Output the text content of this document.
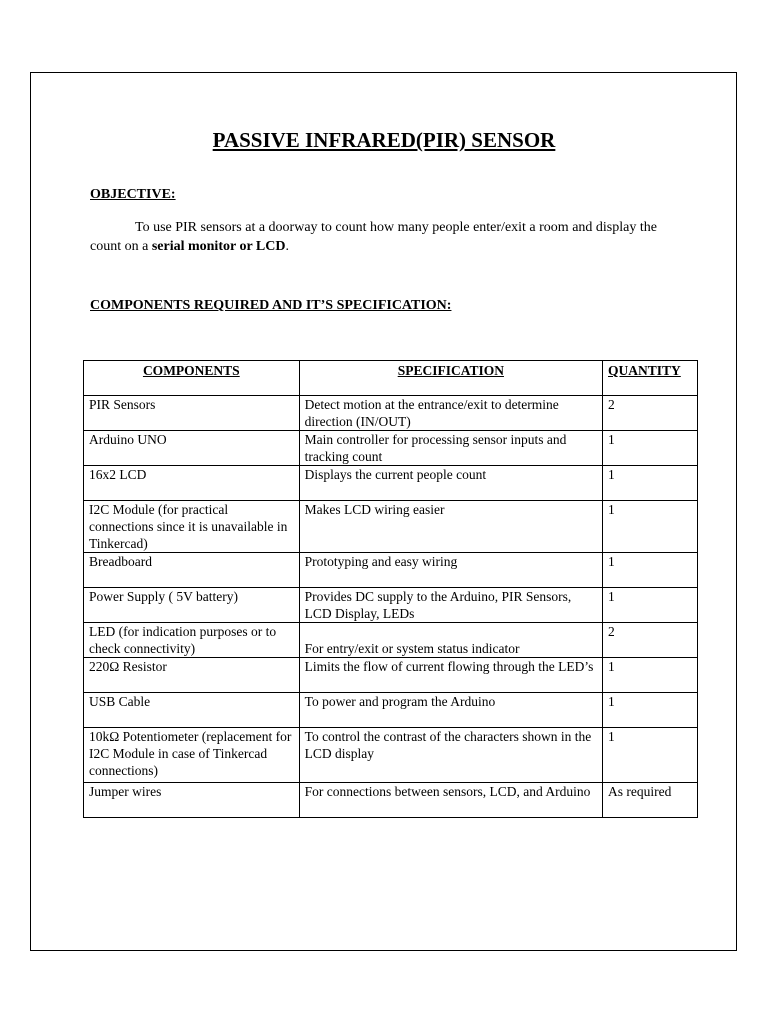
PASSIVE INFRARED(PIR) SENSOR

OBJECTIVE:

To use PIR sensors at a doorway to count how many people enter/exit a room and display the count on a serial monitor or LCD.

COMPONENTS REQUIRED AND IT’S SPECIFICATION:

COMPONENTS	SPECIFICATION	QUANTITY
PIR Sensors	Detect motion at the entrance/exit to determine direction (IN/OUT)	2
Arduino UNO	Main controller for processing sensor inputs and tracking count	1
16x2 LCD	Displays the current people count	1
I2C Module (for practical connections since it is unavailable in Tinkercad)	Makes LCD wiring easier	1
Breadboard	Prototyping and easy wiring	1
Power Supply ( 5V battery)	Provides DC supply to the Arduino, PIR Sensors, LCD Display, LEDs	1
LED (for indication purposes or to check connectivity)	For entry/exit or system status indicator	2
220Ω Resistor	Limits the flow of current flowing through the LED’s	1
USB Cable	To power and program the Arduino	1
10kΩ Potentiometer (replacement for I2C Module in case of Tinkercad connections)	To control the contrast of the characters shown in the LCD display	1
Jumper wires	For connections between sensors, LCD, and Arduino	As required
